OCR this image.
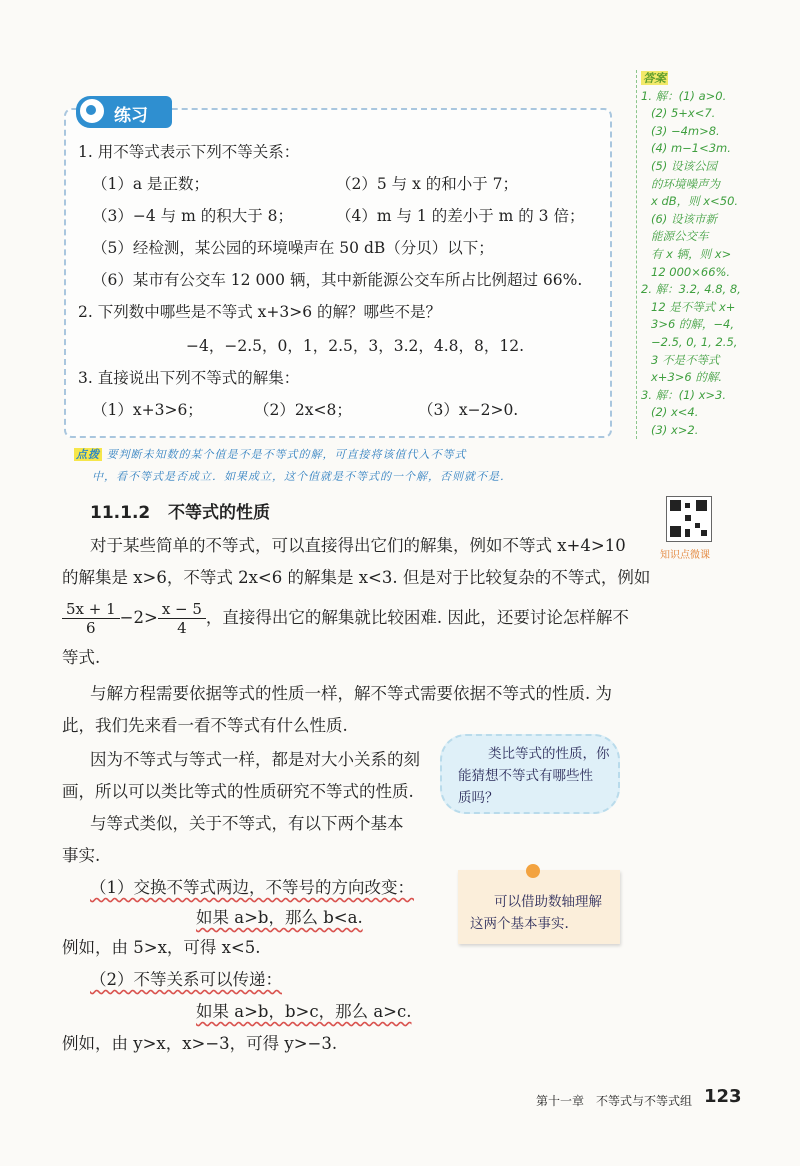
练习
1. 用不等式表示下列不等关系：
（1）a 是正数；	（2）5 与 x 的和小于 7；
（3）−4 与 m 的积大于 8；	（4）m 与 1 的差小于 m 的 3 倍；
（5）经检测，某公园的环境噪声在 50 dB（分贝）以下；
（6）某市有公交车 12 000 辆，其中新能源公交车所占比例超过 66%.
2. 下列数中哪些是不等式 x+3>6 的解？哪些不是？
−4，−2.5，0，1，2.5，3，3.2，4.8，8，12.
3. 直接说出下列不等式的解集：
（1）x+3>6；	（2）2x<8；	（3）x−2>0.
点拨 要判断未知数的某个值是不是不等式的解，可直接将该值代入不等式
中，看不等式是否成立．如果成立，这个值就是不等式的一个解，否则就不是．
答案
1. 解：(1) a>0.
(2) 5+x<7.
(3) −4m>8.
(4) m−1<3m.
(5) 设该公园
的环境噪声为
x dB，则 x<50.
(6) 设该市新
能源公交车
有 x 辆，则 x>
12 000×66%.
2. 解：3.2, 4.8, 8,
12 是不等式 x+
3>6 的解，−4,
−2.5, 0, 1, 2.5,
3 不是不等式
x+3>6 的解.
3. 解：(1) x>3.
(2) x<4.
(3) x>2.
知识点微课
11.1.2 不等式的性质
对于某些简单的不等式，可以直接得出它们的解集，例如不等式 x+4>10
的解集是 x>6，不等式 2x<6 的解集是 x<3. 但是对于比较复杂的不等式，例如
$\frac{5x + 1}{6} -2> \frac{x - 5}{4}$ ，直接得出它的解集就比较困难. 因此，还要讨论怎样解不
等式.
与解方程需要依据等式的性质一样，解不等式需要依据不等式的性质. 为
此，我们先来看一看不等式有什么性质.
因为不等式与等式一样，都是对大小关系的刻
画，所以可以类比等式的性质研究不等式的性质.
与等式类似，关于不等式，有以下两个基本
事实.
（1）交换不等式两边，不等号的方向改变：
如果 a>b，那么 b<a.
例如，由 5>x，可得 x<5.
（2）不等关系可以传递：
如果 a>b，b>c，那么 a>c.
例如，由 y>x，x>−3，可得 y>−3.
类比等式的性质，你
能猜想不等式有哪些性
质吗？
可以借助数轴理解
这两个基本事实.
第十一章　不等式与不等式组 123
